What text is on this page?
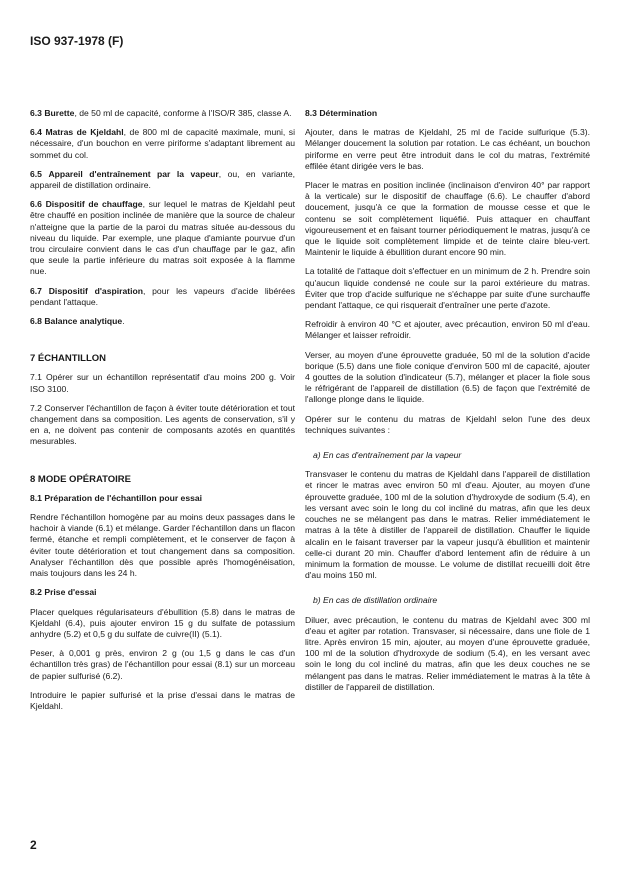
ISO 937-1978 (F)

6.3 Burette, de 50 ml de capacité, conforme à l'ISO/R 385, classe A.

6.4 Matras de Kjeldahl, de 800 ml de capacité maximale, muni, si nécessaire, d'un bouchon en verre piriforme s'adaptant librement au sommet du col.

6.5 Appareil d'entraînement par la vapeur, ou, en variante, appareil de distillation ordinaire.

6.6 Dispositif de chauffage, sur lequel le matras de Kjeldahl peut être chauffé en position inclinée de manière que la source de chaleur n'atteigne que la partie de la paroi du matras située au-dessous du niveau du liquide. Par exemple, une plaque d'amiante pourvue d'un trou circulaire convient dans le cas d'un chauffage par le gaz, afin que seule la partie inférieure du matras soit exposée à la flamme nue.

6.7 Dispositif d'aspiration, pour les vapeurs d'acide libérées pendant l'attaque.

6.8 Balance analytique.

7 ÉCHANTILLON

7.1 Opérer sur un échantillon représentatif d'au moins 200 g. Voir ISO 3100.

7.2 Conserver l'échantillon de façon à éviter toute détérioration et tout changement dans sa composition. Les agents de conservation, s'il y en a, ne doivent pas contenir de composants azotés en quantités mesurables.

8 MODE OPÉRATOIRE
8.1 Préparation de l'échantillon pour essai

Rendre l'échantillon homogène par au moins deux passages dans le hachoir à viande (6.1) et mélange. Garder l'échantillon dans un flacon fermé, étanche et rempli complètement, et le conserver de façon à éviter toute détérioration et tout changement dans sa composition. Analyser l'échantillon dès que possible après l'homogénéisation, mais toujours dans les 24 h.

8.2 Prise d'essai

Placer quelques régularisateurs d'ébullition (5.8) dans le matras de Kjeldahl (6.4), puis ajouter environ 15 g du sulfate de potassium anhydre (5.2) et 0,5 g du sulfate de cuivre(II) (5.1).

Peser, à 0,001 g près, environ 2 g (ou 1,5 g dans le cas d'un échantillon très gras) de l'échantillon pour essai (8.1) sur un morceau de papier sulfurisé (6.2).

Introduire le papier sulfurisé et la prise d'essai dans le matras de Kjeldahl.

8.3 Détermination

Ajouter, dans le matras de Kjeldahl, 25 ml de l'acide sulfurique (5.3). Mélanger doucement la solution par rotation. Le cas échéant, un bouchon piriforme en verre peut être introduit dans le col du matras, l'extrémité effilée étant dirigée vers le bas.

Placer le matras en position inclinée (inclinaison d'environ 40° par rapport à la verticale) sur le dispositif de chauffage (6.6). Le chauffer d'abord doucement, jusqu'à ce que la formation de mousse cesse et que le contenu se soit complètement liquéfié. Puis attaquer en chauffant vigoureusement et en faisant tourner périodiquement le matras, jusqu'à ce que le liquide soit complètement limpide et de teinte claire bleu-vert. Maintenir le liquide à ébullition durant encore 90 min.

La totalité de l'attaque doit s'effectuer en un minimum de 2 h. Prendre soin qu'aucun liquide condensé ne coule sur la paroi extérieure du matras. Éviter que trop d'acide sulfurique ne s'échappe par suite d'une surchauffe pendant l'attaque, ce qui risquerait d'entraîner une perte d'azote.

Refroidir à environ 40 °C et ajouter, avec précaution, environ 50 ml d'eau. Mélanger et laisser refroidir.

Verser, au moyen d'une éprouvette graduée, 50 ml de la solution d'acide borique (5.5) dans une fiole conique d'environ 500 ml de capacité, ajouter 4 gouttes de la solution d'indicateur (5.7), mélanger et placer la fiole sous le réfrigérant de l'appareil de distillation (6.5) de façon que l'extrémité de l'allonge plonge dans le liquide.

Opérer sur le contenu du matras de Kjeldahl selon l'une des deux techniques suivantes :

a) En cas d'entraînement par la vapeur

Transvaser le contenu du matras de Kjeldahl dans l'appareil de distillation et rincer le matras avec environ 50 ml d'eau. Ajouter, au moyen d'une éprouvette graduée, 100 ml de la solution d'hydroxyde de sodium (5.4), en les versant avec soin le long du col incliné du matras, afin que les deux couches ne se mélangent pas dans le matras. Relier immédiatement le matras à la tête à distiller de l'appareil de distillation. Chauffer le liquide alcalin en le faisant traverser par la vapeur jusqu'à ébullition et maintenir celle-ci durant 20 min. Chauffer d'abord lentement afin de réduire à un minimum la formation de mousse. Le volume de distillat recueilli doit être d'au moins 150 ml.

b) En cas de distillation ordinaire

Diluer, avec précaution, le contenu du matras de Kjeldahl avec 300 ml d'eau et agiter par rotation. Transvaser, si nécessaire, dans une fiole de 1 litre. Après environ 15 min, ajouter, au moyen d'une éprouvette graduée, 100 ml de la solution d'hydroxyde de sodium (5.4), en les versant avec soin le long du col incliné du matras, afin que les deux couches ne se mélangent pas dans le matras. Relier immédiatement le matras à la tête à distiller de l'appareil de distillation.

2
